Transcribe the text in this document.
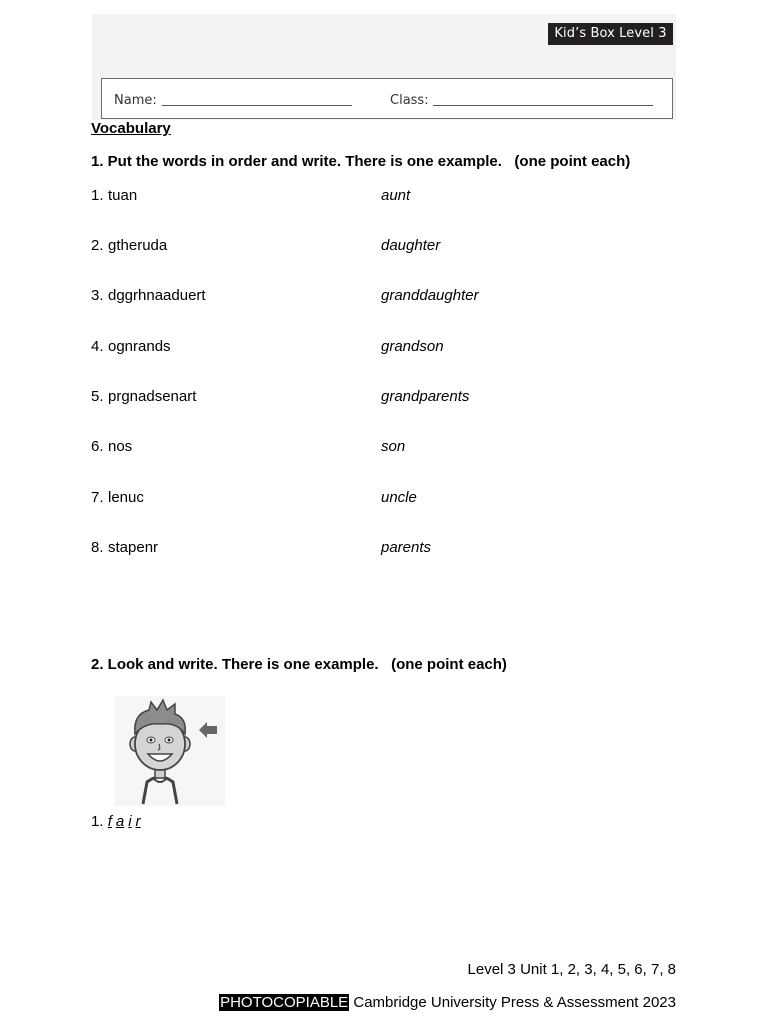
Kid’s Box Level 3
Name:	Class:
Vocabulary
1. Put the words in order and write. There is one example.   (one point each)
1. tuan	aunt
2. gtheruda	daughter
3. dggrhnaaduert	granddaughter
4. ognrands	grandson
5. prgnadsenart	grandparents
6. nos	son
7. lenuc	uncle
8. stapenr	parents
2. Look and write. There is one example.   (one point each)
1. f a i r
Level 3 Unit 1, 2, 3, 4, 5, 6, 7, 8
PHOTOCOPIABLE Cambridge University Press & Assessment 2023
